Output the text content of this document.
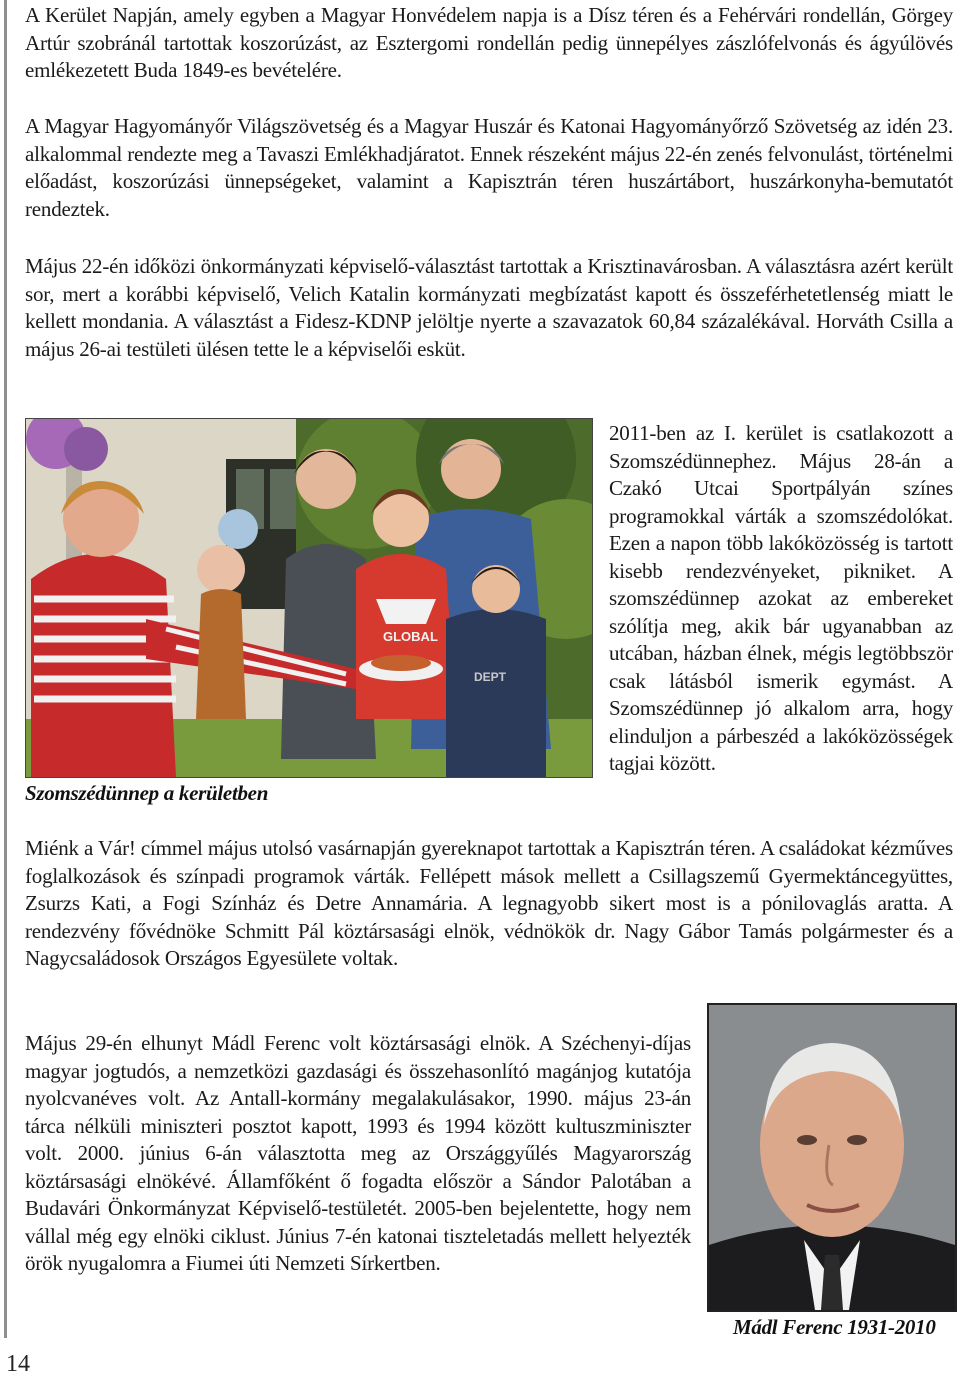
A Kerület Napján, amely egyben a Magyar Honvédelem napja is a Dísz téren és a Fehérvári rondellán, Görgey Artúr szobránál tartottak koszorúzást, az Esztergomi rondellán pedig ünnepélyes zászlófelvonás és ágyúlövés emlékezetett Buda 1849-es bevételére.

A Magyar Hagyományőr Világszövetség és a Magyar Huszár és Katonai Hagyományőrző Szövetség az idén 23. alkalommal rendezte meg a Tavaszi Emlékhadjáratot. Ennek részeként május 22-én zenés felvonulást, történelmi előadást, koszorúzási ünnepségeket, valamint a Kapisztrán téren huszártábort, huszárkonyha-bemutatót rendeztek.

Május 22-én időközi önkormányzati képviselő-választást tartottak a Krisztinavárosban. A választásra azért került sor, mert a korábbi képviselő, Velich Katalin kormányzati megbízatást kapott és összeférhetetlenség miatt le kellett mondania. A választást a Fidesz-KDNP jelöltje nyerte a szavazatok 60,84 százalékával. Horváth Csilla a május 26-ai testületi ülésen tette le a képviselői esküt.

GLOBAL
DEPT

Szomszédünnep a kerületben

2011-ben az I. kerület is csatlakozott a Szomszédünnephez. Május 28-án a Czakó Utcai Sportpályán színes programokkal várták a szomszédolókat. Ezen a napon több lakóközösség is tartott kisebb rendezvényeket, pikniket. A szomszédünnep azokat az embereket szólítja meg, akik bár ugyanabban az utcában, házban élnek, mégis legtöbbször csak látásból ismerik egymást. A Szomszédünnep jó alkalom arra, hogy elinduljon a párbeszéd a lakóközösségek tagjai között.

Miénk a Vár! címmel május utolsó vasárnapján gyereknapot tartottak a Kapisztrán téren. A családokat kézműves foglalkozások és színpadi programok várták. Fellépett mások mellett a Csillagszemű Gyermektáncegyüttes, Zsurzs Kati, a Fogi Színház és Detre Annamária. A legnagyobb sikert most is a pónilovaglás aratta. A rendezvény fővédnöke Schmitt Pál köztársasági elnök, védnökök dr. Nagy Gábor Tamás polgármester és a Nagycsaládosok Országos Egyesülete voltak.

Május 29-én elhunyt Mádl Ferenc volt köztársasági elnök. A Széchenyi-díjas magyar jogtudós, a nemzetközi gazdasági és összehasonlító magánjog kutatója nyolcvanéves volt. Az Antall-kormány megalakulásakor, 1990. május 23-án tárca nélküli miniszteri posztot kapott, 1993 és 1994 között kultuszminiszter volt. 2000. június 6-án választotta meg az Országgyűlés Magyarország köztársasági elnökévé. Államfőként ő fogadta először a Sándor Palotában a Budavári Önkormányzat Képviselő-testületét. 2005-ben bejelentette, hogy nem vállal még egy elnöki ciklust. Június 7-én katonai tiszteletadás mellett helyezték örök nyugalomra a Fiumei úti Nemzeti Sírkertben.

Mádl Ferenc 1931-2010

14
